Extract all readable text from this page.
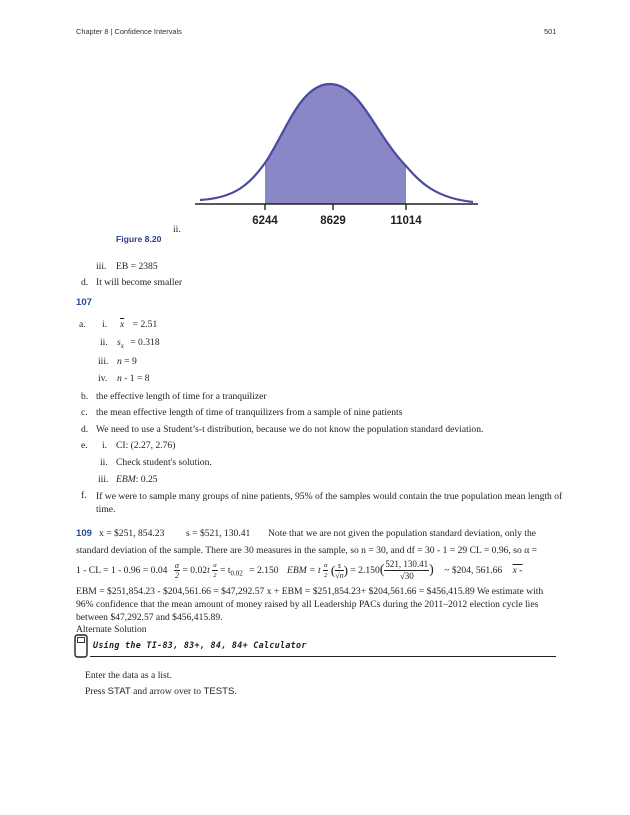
Chapter 8 | Confidence Intervals	501
6244	8629	11014
ii.
Figure 8.20
iii. EB = 2385
d. It will become smaller
107
a. i. $\overline{x} = 2.51$
ii. $s_x = 0.318$
iii. n = 9
iv. n - 1 = 8
b. the effective length of time for a tranquilizer
c. the mean effective length of time of tranquilizers from a sample of nine patients
d. We need to use a Student’s-t distribution, because we do not know the population standard deviation.
e. i. CI: (2.27, 2.76)
ii. Check student's solution.
iii. EBM: 0.25
f. If we were to sample many groups of nine patients, 95% of the samples would contain the true population mean length of time.
109 x = $251, 854.23 s = $521, 130.41 Note that we are not given the population standard deviation, only the
standard deviation of the sample. There are 30 measures in the sample, so n = 30, and df = 30 - 1 = 29 CL = 0.96, so α =
1 - CL = $1 - 0.96 = 0.04 \frac{\alpha}{2} = 0.02t \frac{\alpha}{2} = t_{0.02} = 2.150$ EBM = t $\frac{\alpha}{2}$ ( $\frac{s}{√n}$ ) = $2.150( \frac{521, 130.41}{√30}$ ) ~ $204, 561.66 x -
EBM = $251,854.23 - $204,561.66 = $47,292.57 x + EBM = $251,854.23+ $204,561.66 = $456,415.89 We estimate with
96% confidence that the mean amount of money raised by all Leadership PACs during the 2011–2012 election cycle lies
between $47,292.57 and $456,415.89.
Alternate Solution
Using the TI-83, 83+, 84, 84+ Calculator
Enter the data as a list.
Press STAT and arrow over to TESTS.
